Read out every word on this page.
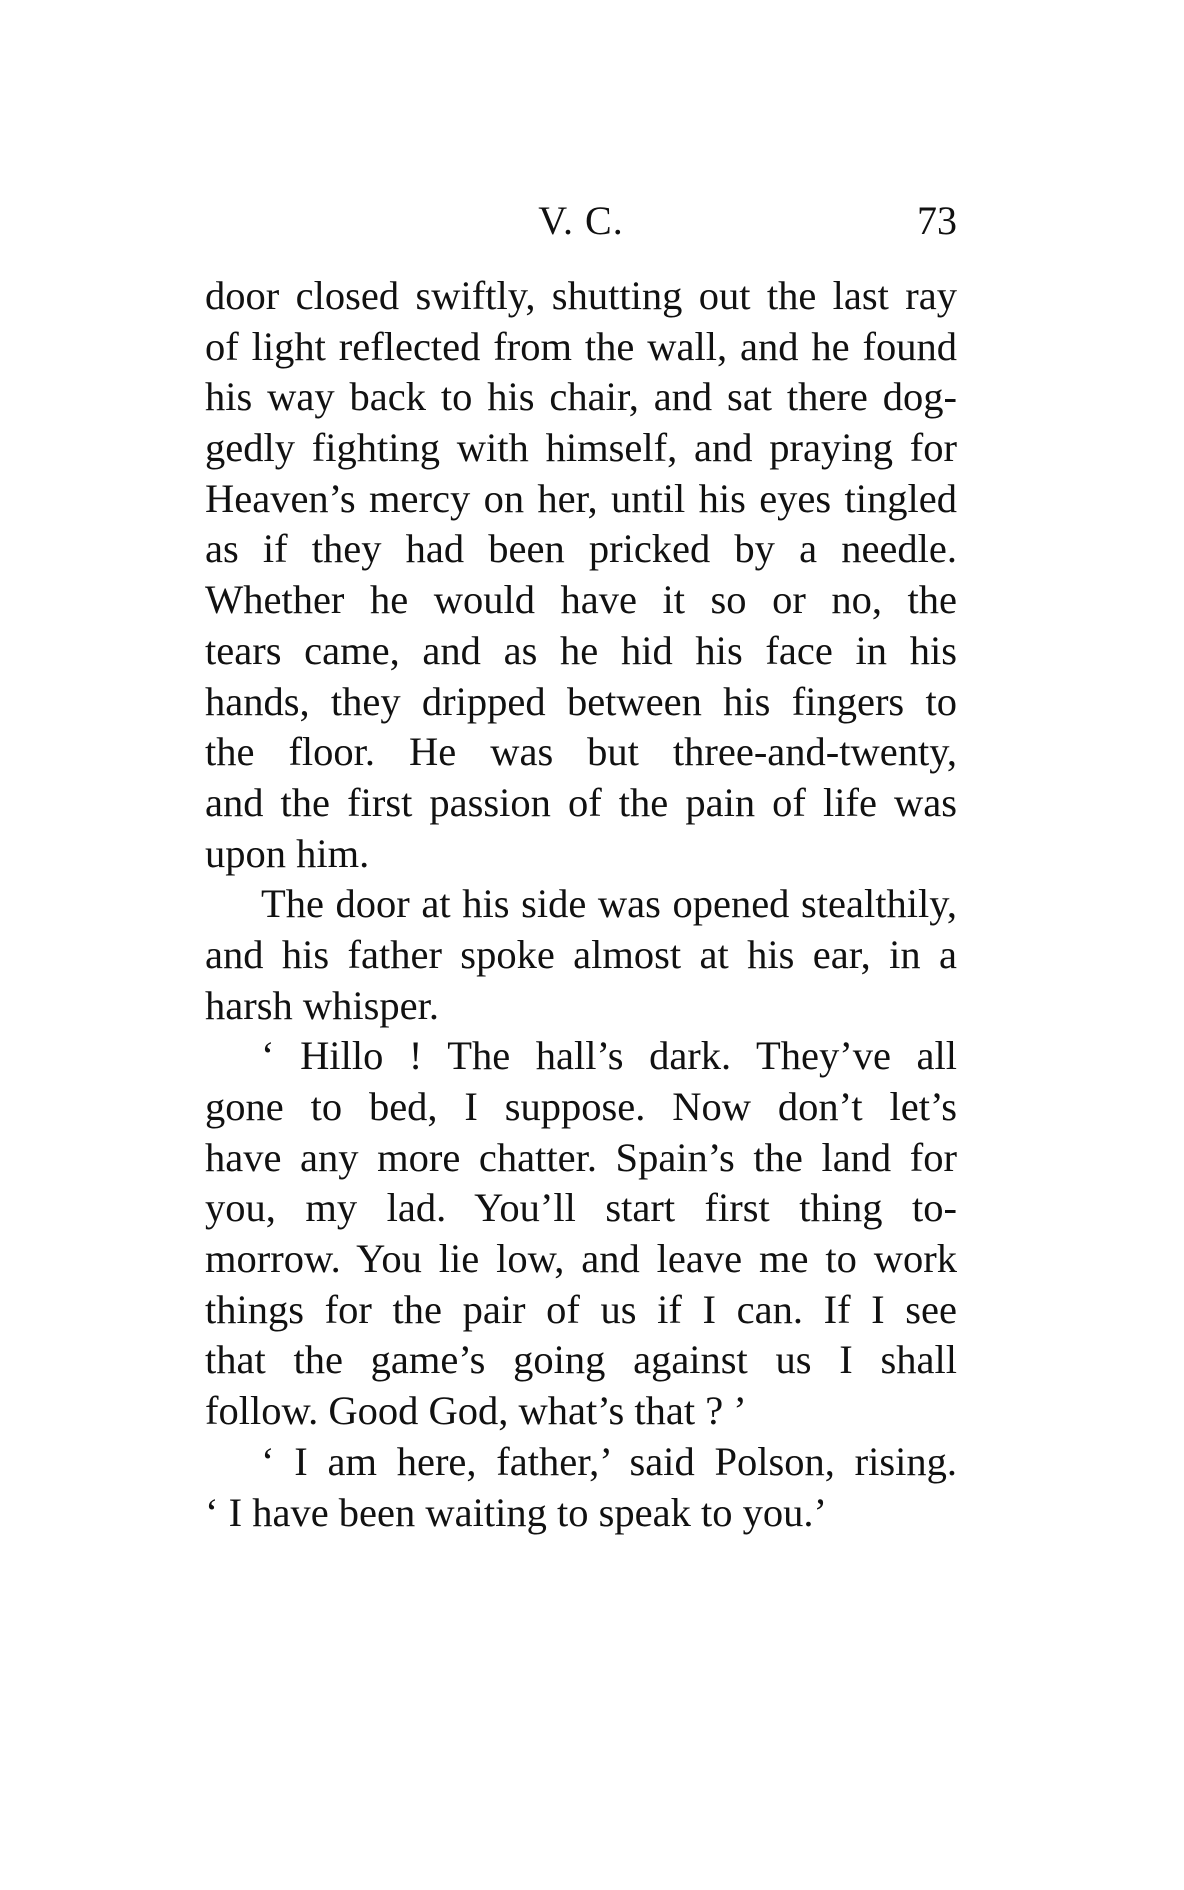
V. C.	73
door closed swiftly, shutting out the last ray
of light reflected from the wall, and he found
his way back to his chair, and sat there dog-
gedly fighting with himself, and praying for
Heaven’s mercy on her, until his eyes tingled
as if they had been pricked by a needle.
Whether he would have it so or no, the
tears came, and as he hid his face in his
hands, they dripped between his fingers to
the floor. He was but three-and-twenty,
and the first passion of the pain of life was
upon him.
The door at his side was opened stealthily,
and his father spoke almost at his ear, in a
harsh whisper.
‘ Hillo ! The hall’s dark. They’ve all
gone to bed, I suppose. Now don’t let’s
have any more chatter. Spain’s the land for
you, my lad. You’ll start first thing to-
morrow. You lie low, and leave me to work
things for the pair of us if I can. If I see
that the game’s going against us I shall
follow. Good God, what’s that ? ’
‘ I am here, father,’ said Polson, rising.
‘ I have been waiting to speak to you.’
